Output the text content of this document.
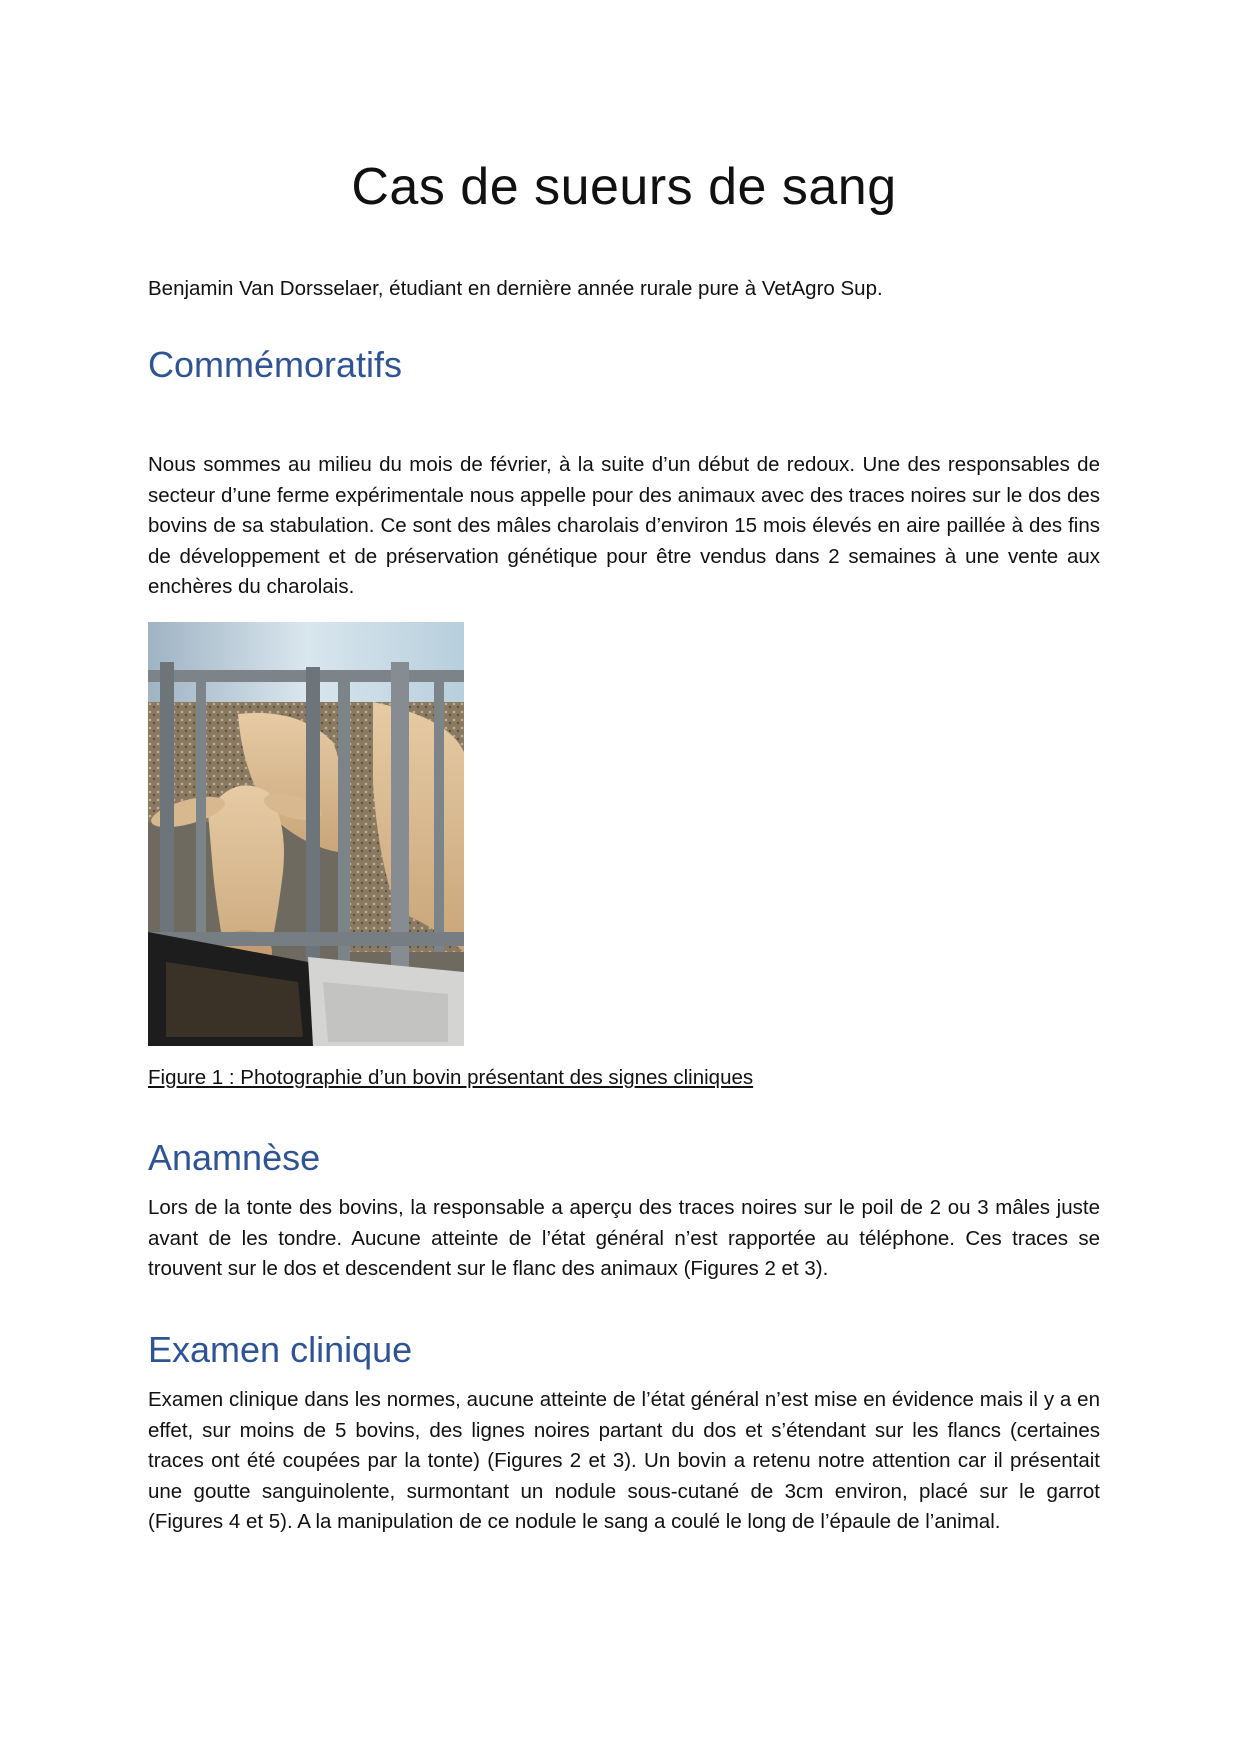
Cas de sueurs de sang

Benjamin Van Dorsselaer, étudiant en dernière année rurale pure à VetAgro Sup.

Commémoratifs

Nous sommes au milieu du mois de février, à la suite d’un début de redoux. Une des responsables de secteur d’une ferme expérimentale nous appelle pour des animaux avec des traces noires sur le dos des bovins de sa stabulation. Ce sont des mâles charolais d’environ 15 mois élevés en aire paillée à des fins de développement et de préservation génétique pour être vendus dans 2 semaines à une vente aux enchères du charolais.

Figure 1 : Photographie d’un bovin présentant des signes cliniques

Anamnèse

Lors de la tonte des bovins, la responsable a aperçu des traces noires sur le poil de 2 ou 3 mâles juste avant de les tondre. Aucune atteinte de l’état général n’est rapportée au téléphone. Ces traces se trouvent sur le dos et descendent sur le flanc des animaux (Figures 2 et 3).

Examen clinique

Examen clinique dans les normes, aucune atteinte de l’état général n’est mise en évidence mais il y a en effet, sur moins de 5 bovins, des lignes noires partant du dos et s’étendant sur les flancs (certaines traces ont été coupées par la tonte) (Figures 2 et 3). Un bovin a retenu notre attention car il présentait une goutte sanguinolente, surmontant un nodule sous-cutané de 3cm environ, placé sur le garrot (Figures 4 et 5). A la manipulation de ce nodule le sang a coulé le long de l’épaule de l’animal.
